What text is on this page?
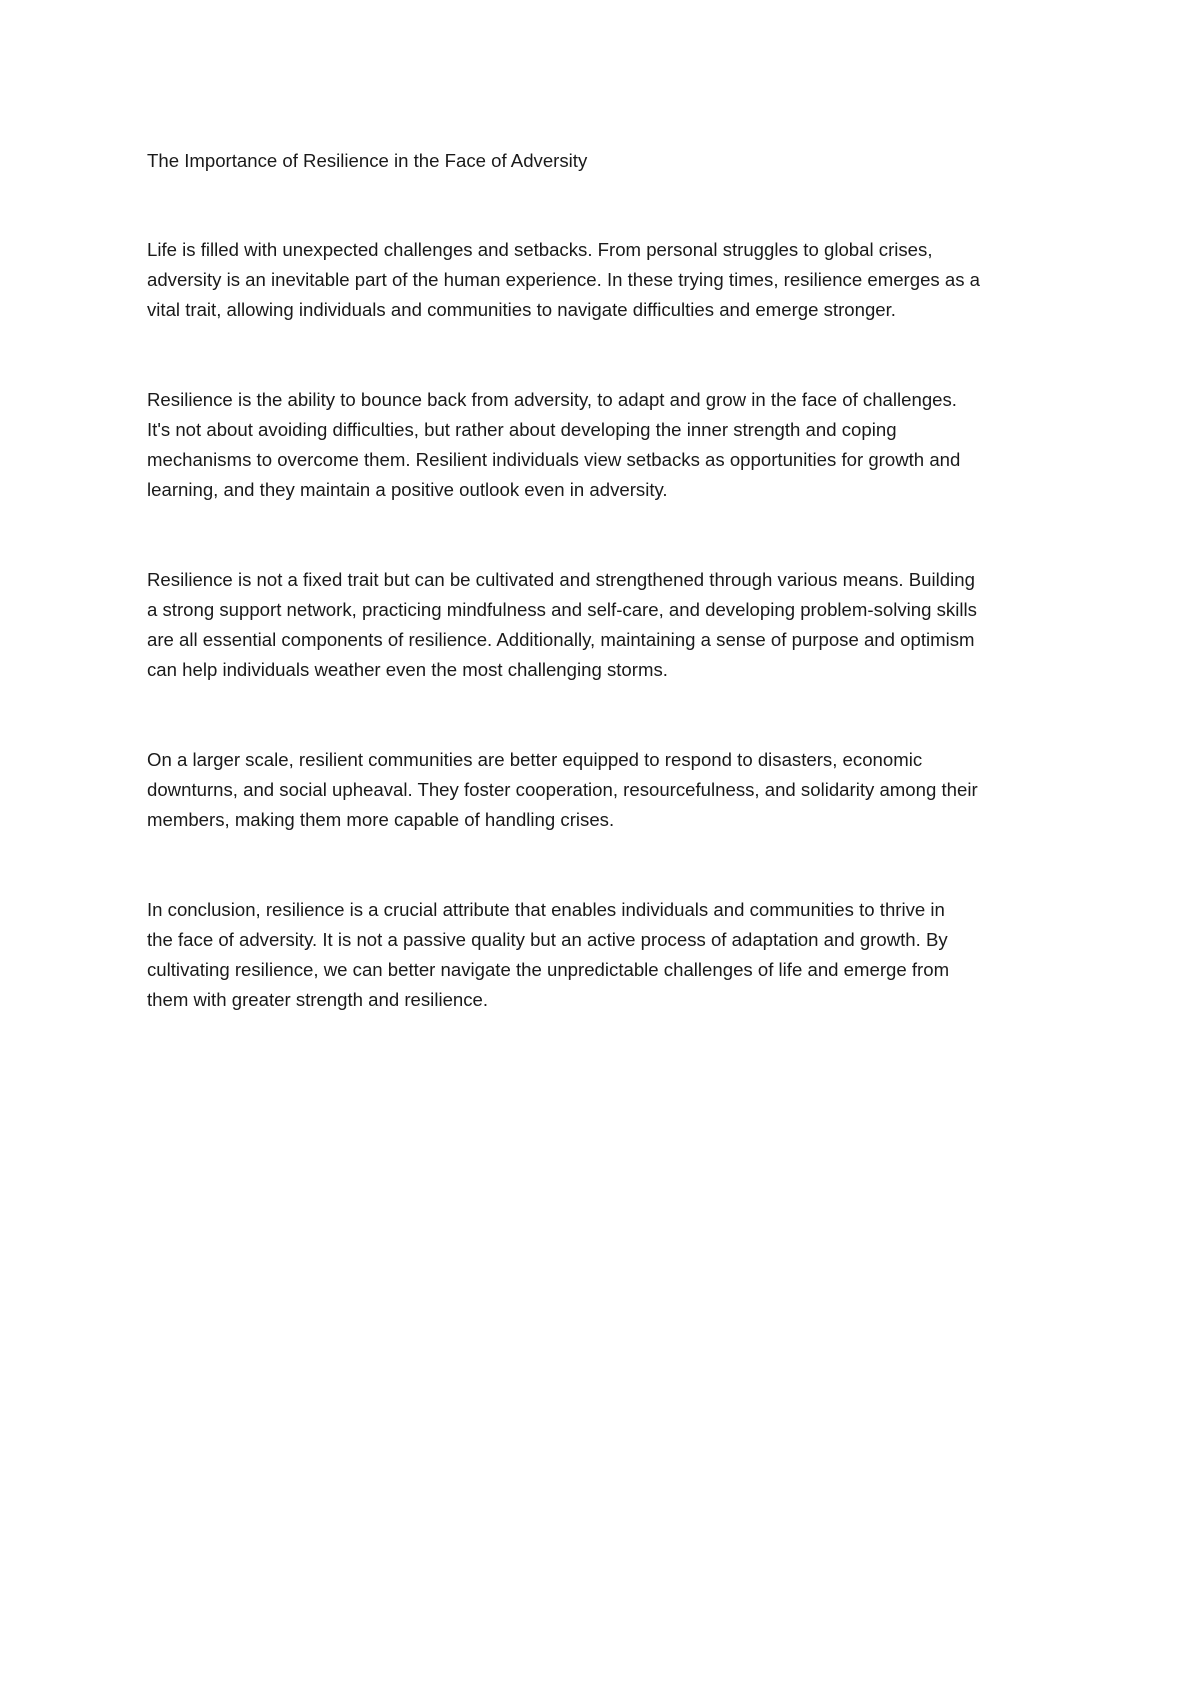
The Importance of Resilience in the Face of Adversity

Life is filled with unexpected challenges and setbacks. From personal struggles to global crises,
adversity is an inevitable part of the human experience. In these trying times, resilience emerges as a
vital trait, allowing individuals and communities to navigate difficulties and emerge stronger.

Resilience is the ability to bounce back from adversity, to adapt and grow in the face of challenges.
It's not about avoiding difficulties, but rather about developing the inner strength and coping
mechanisms to overcome them. Resilient individuals view setbacks as opportunities for growth and
learning, and they maintain a positive outlook even in adversity.

Resilience is not a fixed trait but can be cultivated and strengthened through various means. Building
a strong support network, practicing mindfulness and self-care, and developing problem-solving skills
are all essential components of resilience. Additionally, maintaining a sense of purpose and optimism
can help individuals weather even the most challenging storms.

On a larger scale, resilient communities are better equipped to respond to disasters, economic
downturns, and social upheaval. They foster cooperation, resourcefulness, and solidarity among their
members, making them more capable of handling crises.

In conclusion, resilience is a crucial attribute that enables individuals and communities to thrive in
the face of adversity. It is not a passive quality but an active process of adaptation and growth. By
cultivating resilience, we can better navigate the unpredictable challenges of life and emerge from
them with greater strength and resilience.
